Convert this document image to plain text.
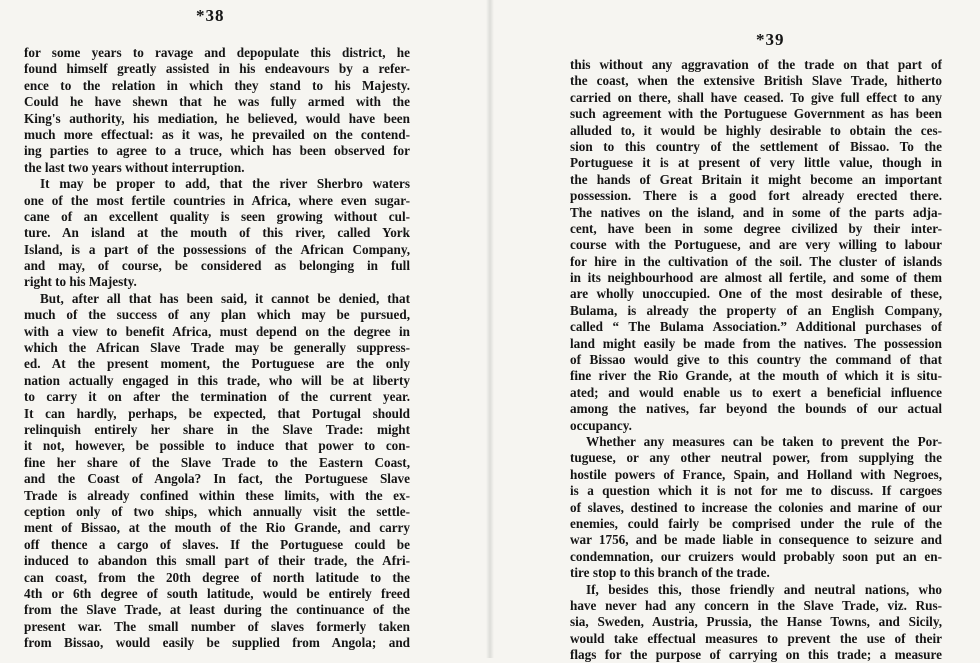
*38
for some years to ravage and depopulate this district, he
found himself greatly assisted in his endeavours by a refer-
ence to the relation in which they stand to his Majesty.
Could he have shewn that he was fully armed with the
King's authority, his mediation, he believed, would have been
much more effectual: as it was, he prevailed on the contend-
ing parties to agree to a truce, which has been observed for
the last two years without interruption.
It may be proper to add, that the river Sherbro waters
one of the most fertile countries in Africa, where even sugar-
cane of an excellent quality is seen growing without cul-
ture. An island at the mouth of this river, called York
Island, is a part of the possessions of the African Company,
and may, of course, be considered as belonging in full
right to his Majesty.
But, after all that has been said, it cannot be denied, that
much of the success of any plan which may be pursued,
with a view to benefit Africa, must depend on the degree in
which the African Slave Trade may be generally suppress-
ed. At the present moment, the Portuguese are the only
nation actually engaged in this trade, who will be at liberty
to carry it on after the termination of the current year.
It can hardly, perhaps, be expected, that Portugal should
relinquish entirely her share in the Slave Trade: might
it not, however, be possible to induce that power to con-
fine her share of the Slave Trade to the Eastern Coast,
and the Coast of Angola? In fact, the Portuguese Slave
Trade is already confined within these limits, with the ex-
ception only of two ships, which annually visit the settle-
ment of Bissao, at the mouth of the Rio Grande, and carry
off thence a cargo of slaves. If the Portuguese could be
induced to abandon this small part of their trade, the Afri-
can coast, from the 20th degree of north latitude to the
4th or 6th degree of south latitude, would be entirely freed
from the Slave Trade, at least during the continuance of the
present war. The small number of slaves formerly taken
from Bissao, would easily be supplied from Angola; and
*39
this without any aggravation of the trade on that part of
the coast, when the extensive British Slave Trade, hitherto
carried on there, shall have ceased. To give full effect to any
such agreement with the Portuguese Government as has been
alluded to, it would be highly desirable to obtain the ces-
sion to this country of the settlement of Bissao. To the
Portuguese it is at present of very little value, though in
the hands of Great Britain it might become an important
possession. There is a good fort already erected there.
The natives on the island, and in some of the parts adja-
cent, have been in some degree civilized by their inter-
course with the Portuguese, and are very willing to labour
for hire in the cultivation of the soil. The cluster of islands
in its neighbourhood are almost all fertile, and some of them
are wholly unoccupied. One of the most desirable of these,
Bulama, is already the property of an English Company,
called “ The Bulama Association.” Additional purchases of
land might easily be made from the natives. The possession
of Bissao would give to this country the command of that
fine river the Rio Grande, at the mouth of which it is situ-
ated; and would enable us to exert a beneficial influence
among the natives, far beyond the bounds of our actual
occupancy.
Whether any measures can be taken to prevent the Por-
tuguese, or any other neutral power, from supplying the
hostile powers of France, Spain, and Holland with Negroes,
is a question which it is not for me to discuss. If cargoes
of slaves, destined to increase the colonies and marine of our
enemies, could fairly be comprised under the rule of the
war 1756, and be made liable in consequence to seizure and
condemnation, our cruizers would probably soon put an en-
tire stop to this branch of the trade.
If, besides this, those friendly and neutral nations, who
have never had any concern in the Slave Trade, viz. Rus-
sia, Sweden, Austria, Prussia, the Hanse Towns, and Sicily,
would take effectual measures to prevent the use of their
flags for the purpose of carrying on this trade; a measure
